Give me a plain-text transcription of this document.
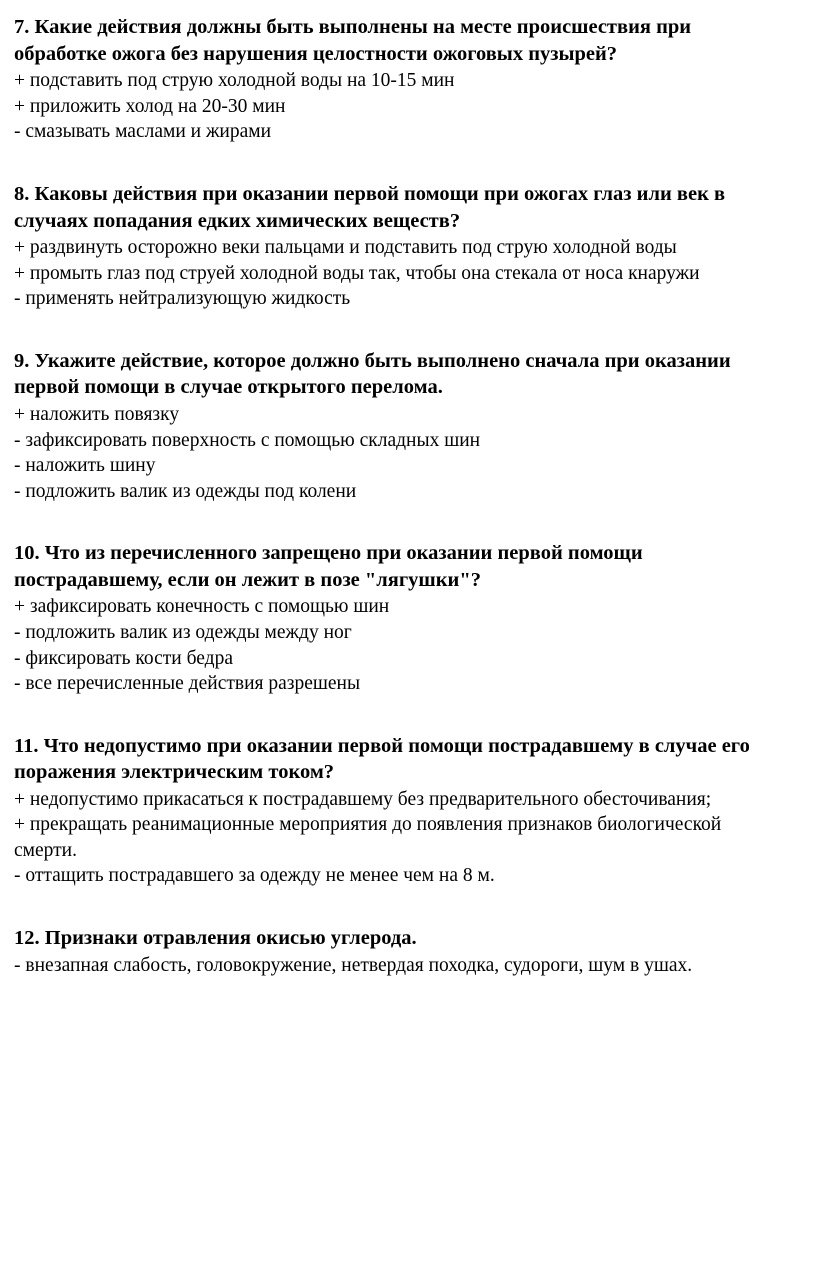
7. Какие действия должны быть выполнены на месте происшествия при обработке ожога без нарушения целостности ожоговых пузырей?

+ подставить под струю холодной воды на 10-15 мин

+ приложить холод на 20-30 мин

- смазывать маслами и жирами

8. Каковы действия при оказании первой помощи при ожогах глаз или век в случаях попадания едких химических веществ?

+ раздвинуть осторожно веки пальцами и подставить под струю холодной воды

+ промыть глаз под струей холодной воды так, чтобы она стекала от носа кнаружи

- применять нейтрализующую жидкость

9. Укажите действие, которое должно быть выполнено сначала при оказании первой помощи в случае открытого перелома.

+ наложить повязку

- зафиксировать поверхность с помощью складных шин

- наложить шину

- подложить валик из одежды под колени

10. Что из перечисленного запрещено при оказании первой помощи пострадавшему, если он лежит в позе "лягушки"?

+ зафиксировать конечность с помощью шин

- подложить валик из одежды между ног

- фиксировать кости бедра

- все перечисленные действия разрешены

11. Что недопустимо при оказании первой помощи пострадавшему в случае его поражения электрическим током?

+ недопустимо прикасаться к пострадавшему без предварительного обесточивания;

+ прекращать реанимационные мероприятия до появления признаков биологической смерти.

- оттащить пострадавшего за одежду не менее чем на 8 м.

12. Признаки отравления окисью углерода.

- внезапная слабость, головокружение, нетвердая походка, судороги, шум в ушах.
